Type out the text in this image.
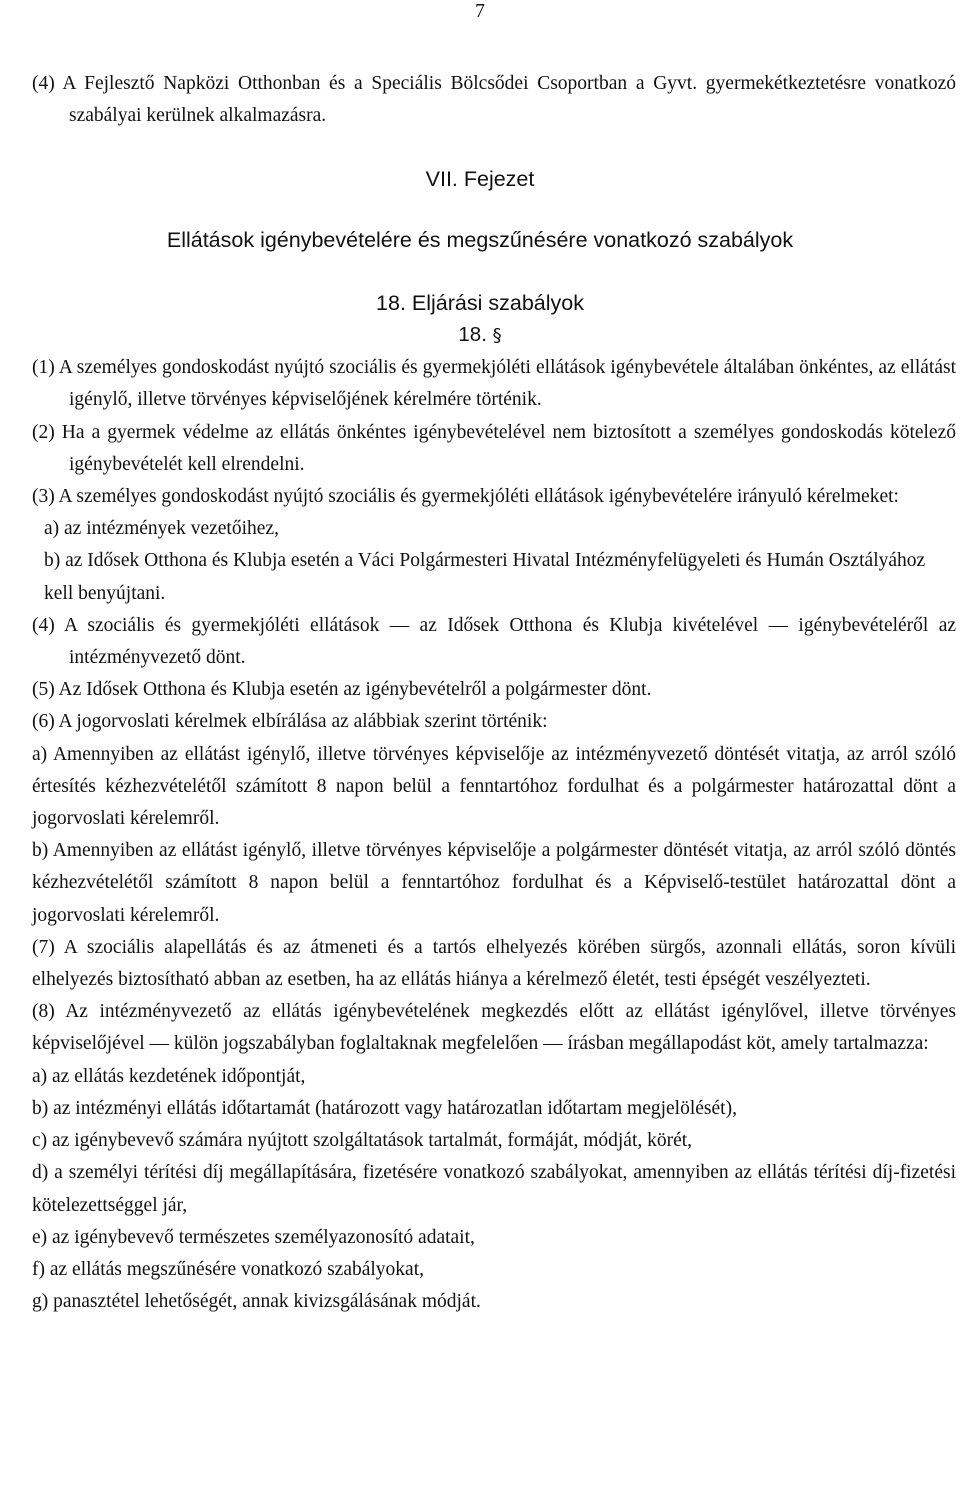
7

(4) A Fejlesztő Napközi Otthonban és a Speciális Bölcsődei Csoportban a Gyvt. gyermekétkeztetésre vonatkozó szabályai kerülnek alkalmazásra.

VII. Fejezet

Ellátások igénybevételére és megszűnésére vonatkozó szabályok

18. Eljárási szabályok

18. §

(1) A személyes gondoskodást nyújtó szociális és gyermekjóléti ellátások igénybevétele általában önkéntes, az ellátást igénylő, illetve törvényes képviselőjének kérelmére történik.

(2) Ha a gyermek védelme az ellátás önkéntes igénybevételével nem biztosított a személyes gondoskodás kötelező igénybevételét kell elrendelni.

(3) A személyes gondoskodást nyújtó szociális és gyermekjóléti ellátások igénybevételére irányuló kérelmeket:

a) az intézmények vezetőihez,

b) az Idősek Otthona és Klubja esetén a Váci Polgármesteri Hivatal Intézményfelügyeleti és Humán Osztályához

kell benyújtani.

(4) A szociális és gyermekjóléti ellátások — az Idősek Otthona és Klubja kivételével — igénybevételéről az intézményvezető dönt.

(5) Az Idősek Otthona és Klubja esetén az igénybevételről a polgármester dönt.

(6) A jogorvoslati kérelmek elbírálása az alábbiak szerint történik:

a) Amennyiben az ellátást igénylő, illetve törvényes képviselője az intézményvezető döntését vitatja, az arról szóló értesítés kézhezvételétől számított 8 napon belül a fenntartóhoz fordulhat és a polgármester határozattal dönt a jogorvoslati kérelemről.

b) Amennyiben az ellátást igénylő, illetve törvényes képviselője a polgármester döntését vitatja, az arról szóló döntés kézhezvételétől számított 8 napon belül a fenntartóhoz fordulhat és a Képviselő-testület határozattal dönt a jogorvoslati kérelemről.

(7) A szociális alapellátás és az átmeneti és a tartós elhelyezés körében sürgős, azonnali ellátás, soron kívüli elhelyezés biztosítható abban az esetben, ha az ellátás hiánya a kérelmező életét, testi épségét veszélyezteti.

(8) Az intézményvezető az ellátás igénybevételének megkezdés előtt az ellátást igénylővel, illetve törvényes képviselőjével — külön jogszabályban foglaltaknak megfelelően — írásban megállapodást köt, amely tartalmazza:

a) az ellátás kezdetének időpontját,

b) az intézményi ellátás időtartamát (határozott vagy határozatlan időtartam megjelölését),

c) az igénybevevő számára nyújtott szolgáltatások tartalmát, formáját, módját, körét,

d) a személyi térítési díj megállapítására, fizetésére vonatkozó szabályokat, amennyiben az ellátás térítési díj-fizetési kötelezettséggel jár,

e) az igénybevevő természetes személyazonosító adatait,

f) az ellátás megszűnésére vonatkozó szabályokat,

g) panasztétel lehetőségét, annak kivizsgálásának módját.
